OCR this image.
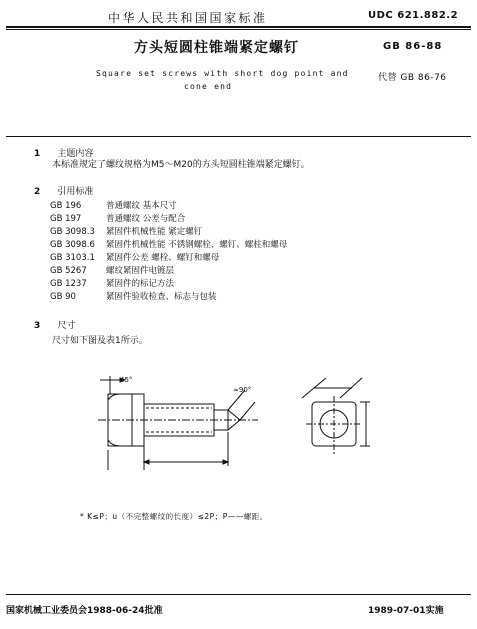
中华人民共和国国家标准	UDC 621.882.2
方头短圆柱锥端紧定螺钉	GB 86-88
Square set screws with short dog point and	代替 GB 86-76
cone end
1 主题内容
本标准规定了螺纹规格为M5～M20的方头短圆柱锥端紧定螺钉。
2 引用标准
GB 196	普通螺纹 基本尺寸
GB 197	普通螺纹 公差与配合
GB 3098.3 紧固件机械性能 紧定螺钉
GB 3098.6 紧固件机械性能 不锈钢螺栓、螺钉、螺柱和螺母
GB 3103.1 紧固件公差 螺栓、螺钉和螺母
GB 5267 螺纹紧固件电镀层
GB 1237 紧固件的标记方法
GB 90	紧固件验收检查、标志与包装
3 尺寸
尺寸如下图及表1所示。
45°
≈90°
* K≤P；u（不完整螺纹的长度）≤2P；P——螺距。
国家机械工业委员会1988-06-24批准	1989-07-01实施
